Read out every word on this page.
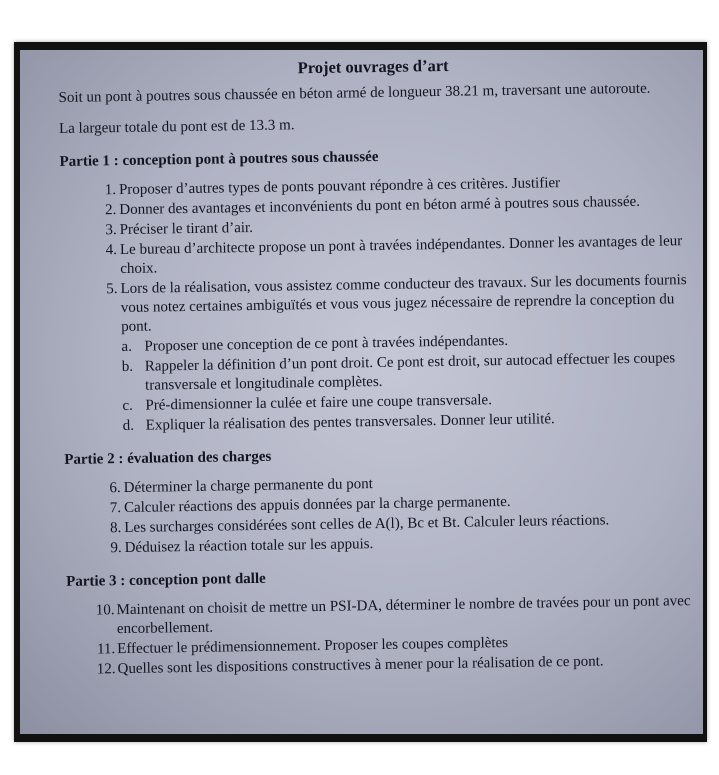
Projet ouvrages d’art

Soit un pont à poutres sous chaussée en béton armé de longueur 38.21 m, traversant une autoroute.

La largeur totale du pont est de 13.3 m.

Partie 1 : conception pont à poutres sous chaussée
1. Proposer d’autres types de ponts pouvant répondre à ces critères. Justifier
2. Donner des avantages et inconvénients du pont en béton armé à poutres sous chaussée.
3. Préciser le tirant d’air.
4. Le bureau d’architecte propose un pont à travées indépendantes. Donner les avantages de leur choix.
5. Lors de la réalisation, vous assistez comme conducteur des travaux. Sur les documents fournis vous notez certaines ambiguïtés et vous vous jugez nécessaire de reprendre la conception du pont.
a. Proposer une conception de ce pont à travées indépendantes.
b. Rappeler la définition d’un pont droit. Ce pont est droit, sur autocad effectuer les coupes transversale et longitudinale complètes.
c. Pré-dimensionner la culée et faire une coupe transversale.
d. Expliquer la réalisation des pentes transversales. Donner leur utilité.
Partie 2 : évaluation des charges
6. Déterminer la charge permanente du pont
7. Calculer réactions des appuis données par la charge permanente.
8. Les surcharges considérées sont celles de A(l), Bc et Bt. Calculer leurs réactions.
9. Déduisez la réaction totale sur les appuis.
Partie 3 : conception pont dalle
10. Maintenant on choisit de mettre un PSI-DA, déterminer le nombre de travées pour un pont avec encorbellement.
11. Effectuer le prédimensionnement. Proposer les coupes complètes
12. Quelles sont les dispositions constructives à mener pour la réalisation de ce pont.
